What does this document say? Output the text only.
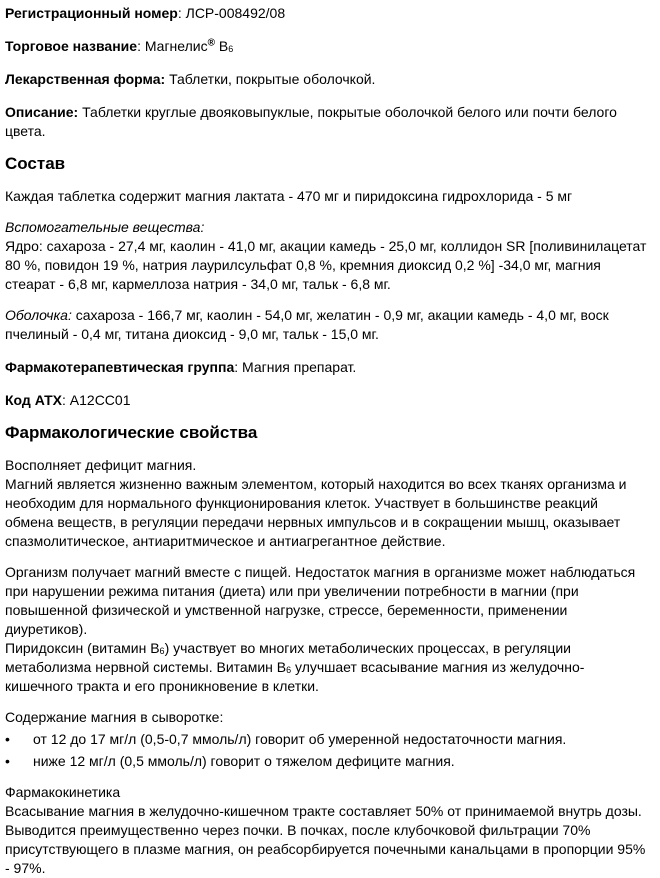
Регистрационный номер: ЛСР-008492/08

Торговое название: Магнелис® B6

Лекарственная форма: Таблетки, покрытые оболочкой.

Описание: Таблетки круглые двояковыпуклые, покрытые оболочкой белого или почти белого цвета.

Состав

Каждая таблетка содержит магния лактата - 470 мг и пиридоксина гидрохлорида - 5 мг

Вспомогательные вещества:

Ядро: сахароза - 27,4 мг, каолин - 41,0 мг, акации камедь - 25,0 мг, коллидон SR [поливинилацетат 80 %, повидон 19 %, натрия лаурилсульфат 0,8 %, кремния диоксид 0,2 %] -34,0 мг, магния стеарат - 6,8 мг, кармеллоза натрия - 34,0 мг, тальк - 6,8 мг.

Оболочка: сахароза - 166,7 мг, каолин - 54,0 мг, желатин - 0,9 мг, акации камедь - 4,0 мг, воск пчелиный - 0,4 мг, титана диоксид - 9,0 мг, тальк - 15,0 мг.

Фармакотерапевтическая группа: Магния препарат.

Код АТХ: A12CC01

Фармакологические свойства

Восполняет дефицит магния.

Магний является жизненно важным элементом, который находится во всех тканях организма и необходим для нормального функционирования клеток. Участвует в большинстве реакций обмена веществ, в регуляции передачи нервных импульсов и в сокращении мышц, оказывает спазмолитическое, антиаритмическое и антиагрегантное действие.

Организм получает магний вместе с пищей. Недостаток магния в организме может наблюдаться при нарушении режима питания (диета) или при увеличении потребности в магнии (при повышенной физической и умственной нагрузке, стрессе, беременности, применении диуретиков).

Пиридоксин (витамин B6) участвует во многих метаболических процессах, в регуляции метаболизма нервной системы. Витамин B6 улучшает всасывание магния из желудочно-кишечного тракта и его проникновение в клетки.

Содержание магния в сыворотке:

• от 12 до 17 мг/л (0,5-0,7 ммоль/л) говорит об умеренной недостаточности магния.
• ниже 12 мг/л (0,5 ммоль/л) говорит о тяжелом дефиците магния.

Фармакокинетика

Всасывание магния в желудочно-кишечном тракте составляет 50% от принимаемой внутрь дозы. Выводится преимущественно через почки. В почках, после клубочковой фильтрации 70% присутствующего в плазме магния, он реабсорбируется почечными канальцами в пропорции 95% - 97%.
